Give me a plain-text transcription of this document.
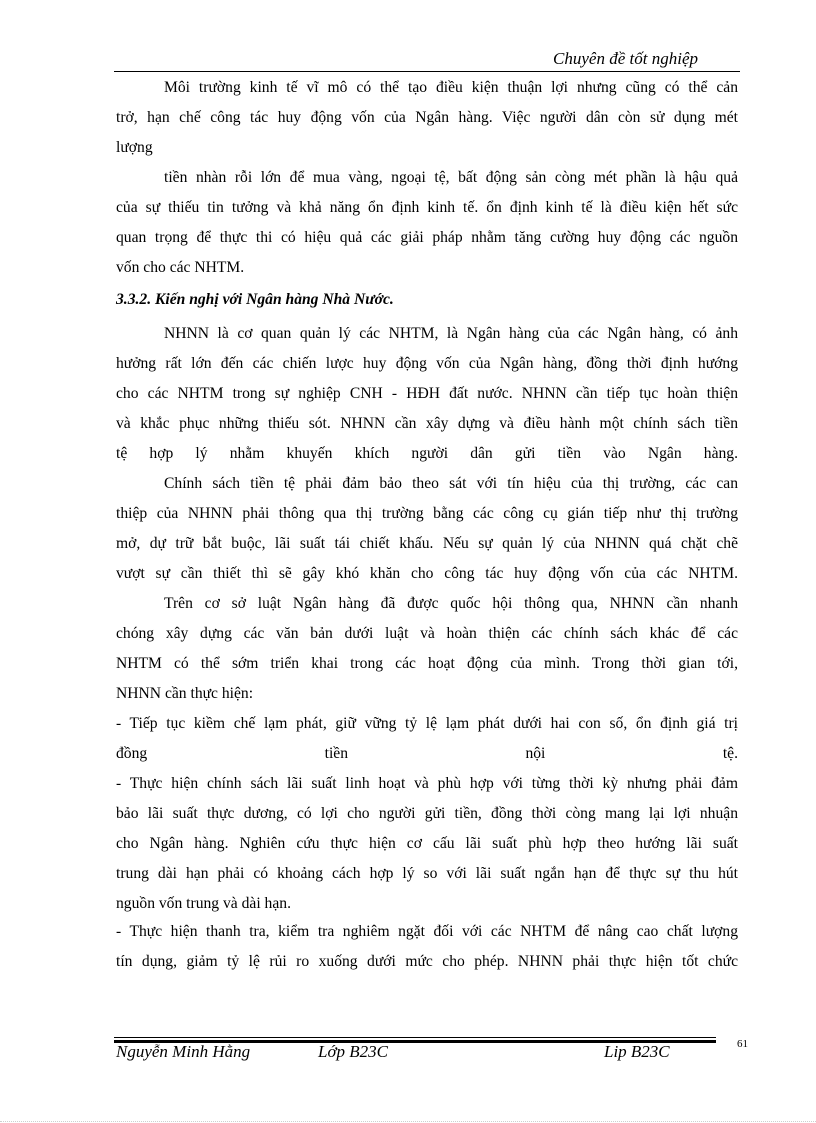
Chuyên đề tốt nghiệp
Môi trường kinh tế vĩ mô có thể tạo điều kiện thuận lợi nhưng cũng có thể cản
trở, hạn chế công tác huy động vốn của Ngân hàng. Việc người dân còn sử dụng mét
lượng
tiền nhàn rỗi lớn để mua vàng, ngoại tệ, bất động sản còng mét phần là hậu quả
của sự thiếu tin tưởng và khả năng ổn định kinh tế. ổn định kinh tế là điều kiện hết sức
quan trọng để thực thi có hiệu quả các giải pháp nhằm tăng cường huy động các nguồn
vốn cho các NHTM.
3.3.2. Kiến nghị với Ngân hàng Nhà Nước.
NHNN là cơ quan quản lý các NHTM, là Ngân hàng của các Ngân hàng, có ảnh
hưởng rất lớn đến các chiến lược huy động vốn của Ngân hàng, đồng thời định hướng
cho các NHTM trong sự nghiệp CNH - HĐH đất nước. NHNN cần tiếp tục hoàn thiện
và khắc phục những thiếu sót. NHNN cần xây dựng và điều hành một chính sách tiền
tệ hợp lý nhằm khuyến khích người dân gửi tiền vào Ngân hàng.
Chính sách tiền tệ phải đảm bảo theo sát với tín hiệu của thị trường, các can
thiệp của NHNN phải thông qua thị trường bằng các công cụ gián tiếp như thị trường
mở, dự trữ bắt buộc, lãi suất tái chiết khấu. Nếu sự quản lý của NHNN quá chặt chẽ
vượt sự cần thiết thì sẽ gây khó khăn cho công tác huy động vốn của các NHTM.
Trên cơ sở luật Ngân hàng đã được quốc hội thông qua, NHNN cần nhanh
chóng xây dựng các văn bản dưới luật và hoàn thiện các chính sách khác để các
NHTM có thể sớm triển khai trong các hoạt động của mình. Trong thời gian tới,
NHNN cần thực hiện:
- Tiếp tục kiềm chế lạm phát, giữ vững tỷ lệ lạm phát dưới hai con số, ổn định giá trị
đồng tiền nội tệ.
- Thực hiện chính sách lãi suất linh hoạt và phù hợp với từng thời kỳ nhưng phải đảm
bảo lãi suất thực dương, có lợi cho người gửi tiền, đồng thời còng mang lại lợi nhuận
cho Ngân hàng. Nghiên cứu thực hiện cơ cấu lãi suất phù hợp theo hướng lãi suất
trung dài hạn phải có khoảng cách hợp lý so với lãi suất ngắn hạn để thực sự thu hút
nguồn vốn trung và dài hạn.
- Thực hiện thanh tra, kiểm tra nghiêm ngặt đối với các NHTM để nâng cao chất lượng
tín dụng, giảm tỷ lệ rủi ro xuống dưới mức cho phép. NHNN phải thực hiện tốt chức
Nguyễn Minh Hằng	Lớp B23C	Lip B23C	61
